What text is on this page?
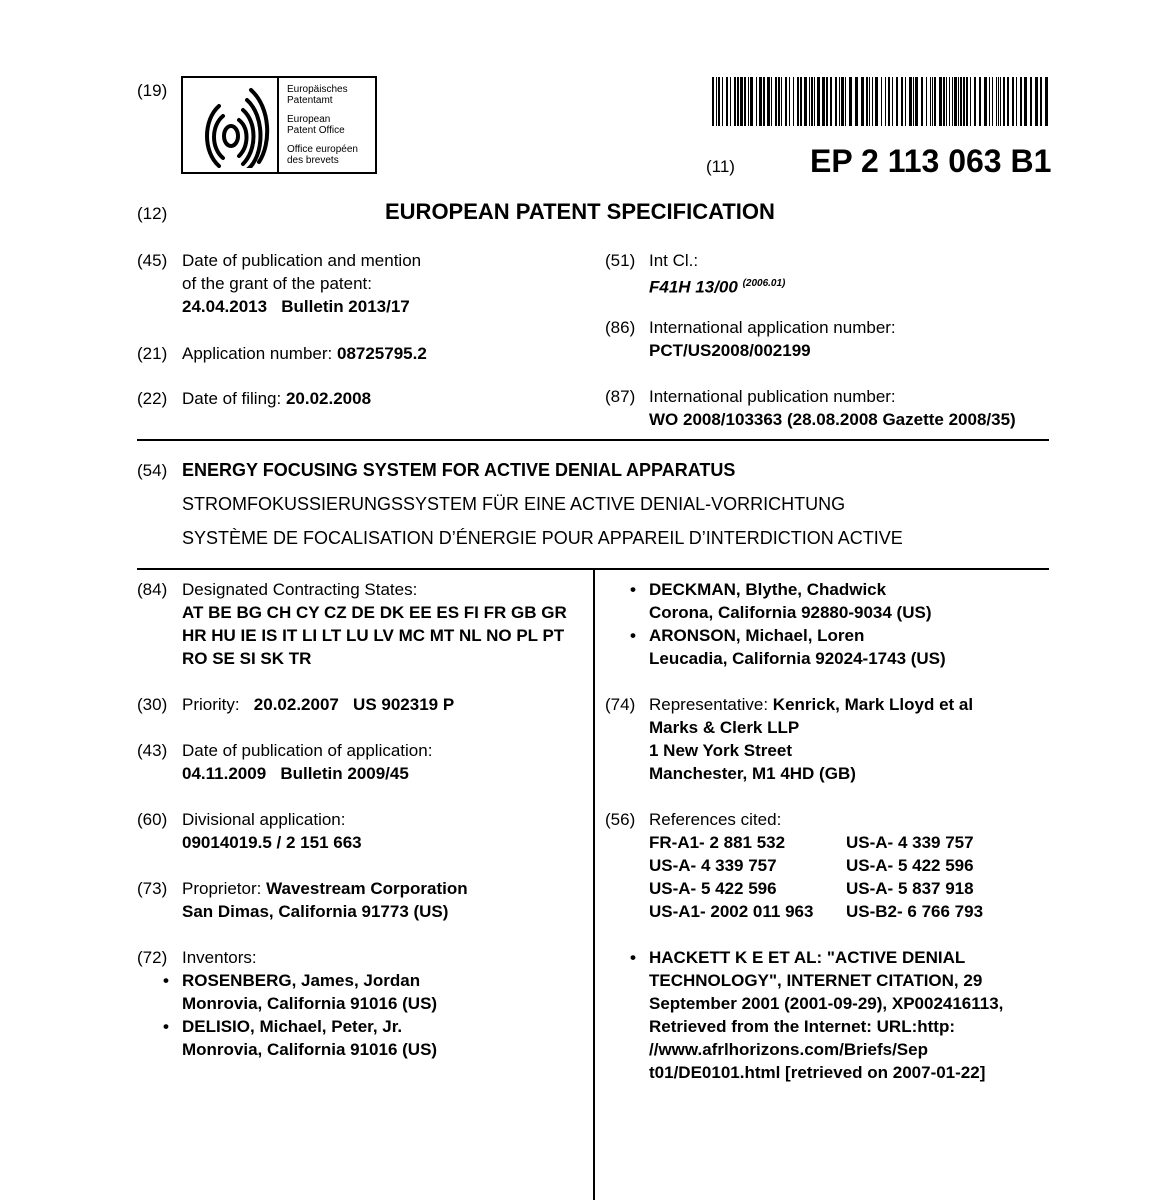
(19)	Europäisches
Patentamt
European
Patent Office
Office européen
des brevets	(11) EP 2 113 063 B1
(12)	EUROPEAN PATENT SPECIFICATION
(45) Date of publication and mention
of the grant of the patent:
24.04.2013   Bulletin 2013/17
(21) Application number: 08725795.2
(22) Date of filing: 20.02.2008
(51) Int Cl.:
F41H 13/00 $^{(2006.01)}$
(86) International application number:
PCT/US2008/002199
(87) International publication number:
WO 2008/103363 (28.08.2008 Gazette 2008/35)
(54) ENERGY FOCUSING SYSTEM FOR ACTIVE DENIAL APPARATUS
STROMFOKUSSIERUNGSSYSTEM FÜR EINE ACTIVE DENIAL-VORRICHTUNG
SYSTÈME DE FOCALISATION D’ÉNERGIE POUR APPAREIL D’INTERDICTION ACTIVE
(84) Designated Contracting States:
AT BE BG CH CY CZ DE DK EE ES FI FR GB GR
HR HU IE IS IT LI LT LU LV MC MT NL NO PL PT
RO SE SI SK TR
(30) Priority: 20.02.2007   US 902319 P
(43) Date of publication of application:
04.11.2009   Bulletin 2009/45
(60) Divisional application:
09014019.5 / 2 151 663
(73) Proprietor: Wavestream Corporation
San Dimas, California 91773 (US)
(72) Inventors:
• ROSENBERG, James, Jordan
Monrovia, California 91016 (US)
• DELISIO, Michael, Peter, Jr.
Monrovia, California 91016 (US)
• DECKMAN, Blythe, Chadwick
Corona, California 92880-9034 (US)
• ARONSON, Michael, Loren
Leucadia, California 92024-1743 (US)
(74) Representative: Kenrick, Mark Lloyd et al
Marks & Clerk LLP
1 New York Street
Manchester, M1 4HD (GB)
(56) References cited:
FR-A1- 2 881 532	US-A- 4 339 757
US-A- 4 339 757	US-A- 5 422 596
US-A- 5 422 596	US-A- 5 837 918
US-A1- 2002 011 963	US-B2- 6 766 793
• HACKETT K E ET AL: "ACTIVE DENIAL
TECHNOLOGY", INTERNET CITATION, 29
September 2001 (2001-09-29), XP002416113,
Retrieved from the Internet: URL:http:
//www.afrlhorizons.com/Briefs/Sep
t01/DE0101.html [retrieved on 2007-01-22]
